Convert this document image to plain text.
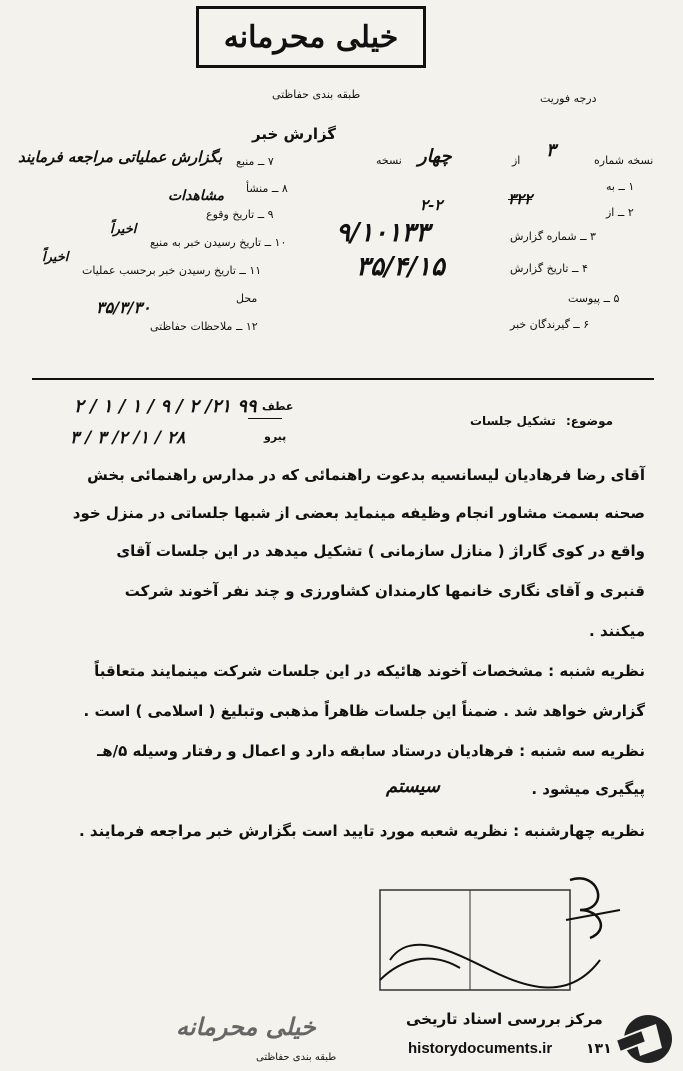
خیلی محرمانه
طبقه بندی حفاظتی	درجه فوریت
گزارش خبر
۷ ــ منبع
بگزارش عملیاتی مراجعه فرمایند
۸ ــ منشأ
مشاهدات
۹ ــ تاریخ وقوع
اخیراً
۱۰ ــ تاریخ رسیدن خبر به منبع
اخیراً
۱۱ ــ تاریخ رسیدن خبر برحسب عملیات
محل
۳۵/۳/۳۰
۱۲ ــ ملاحظات حفاظتی
نسخه شماره
۳
از
چهار
نسخه
۱ ــ به
۳۲۲
۲ ــ از
۲-۲
۳ ــ شماره گزارش
۹/۱۰۱۳۳
۴ ــ تاریخ گزارش
۳۵/۴/۱۵
۵ ــ پیوست
۶ ــ گیرندگان خبر
عطف
پیرو
۹۹ ۲۱/ ۲ / ۹ / ۱ / ۱ / ۲
۲۸ / ۱/ ۲/ ۳ / ۳
موضوع:
تشکیل جلسات
آقای رضا فرهادیان لیسانسیه بدعوت راهنمائی که در مدارس راهنمائی بخش
صحنه بسمت مشاور انجام وظیفه مینماید بعضی از شبها جلساتی در منزل خود
واقع در کوی گاراژ ( منازل سازمانی ) تشکیل میدهد در این جلسات آقای
قنبری و آقای نگاری خانمها کارمندان کشاورزی و چند نفر آخوند شرکت
میکنند .
نظریه شنبه : مشخصات آخوند هائیکه در این جلسات شرکت مینمایند متعاقباً
گزارش خواهد شد . ضمناً این جلسات ظاهراً مذهبی وتبلیغ ( اسلامی ) است .
نظریه سه شنبه : فرهادیان درستاد سابقه دارد و اعمال و رفتار وسیله ۵/هـ
پیگیری میشود .
سیستم
نظریه چهارشنبه : نظریه شعبه مورد تایید است بگزارش خبر مراجعه فرمایند .
خیلی محرمانه
طبقه بندی حفاظتی
مرکز بررسی اسناد تاریخی
historydocuments.ir ۱۳۱
